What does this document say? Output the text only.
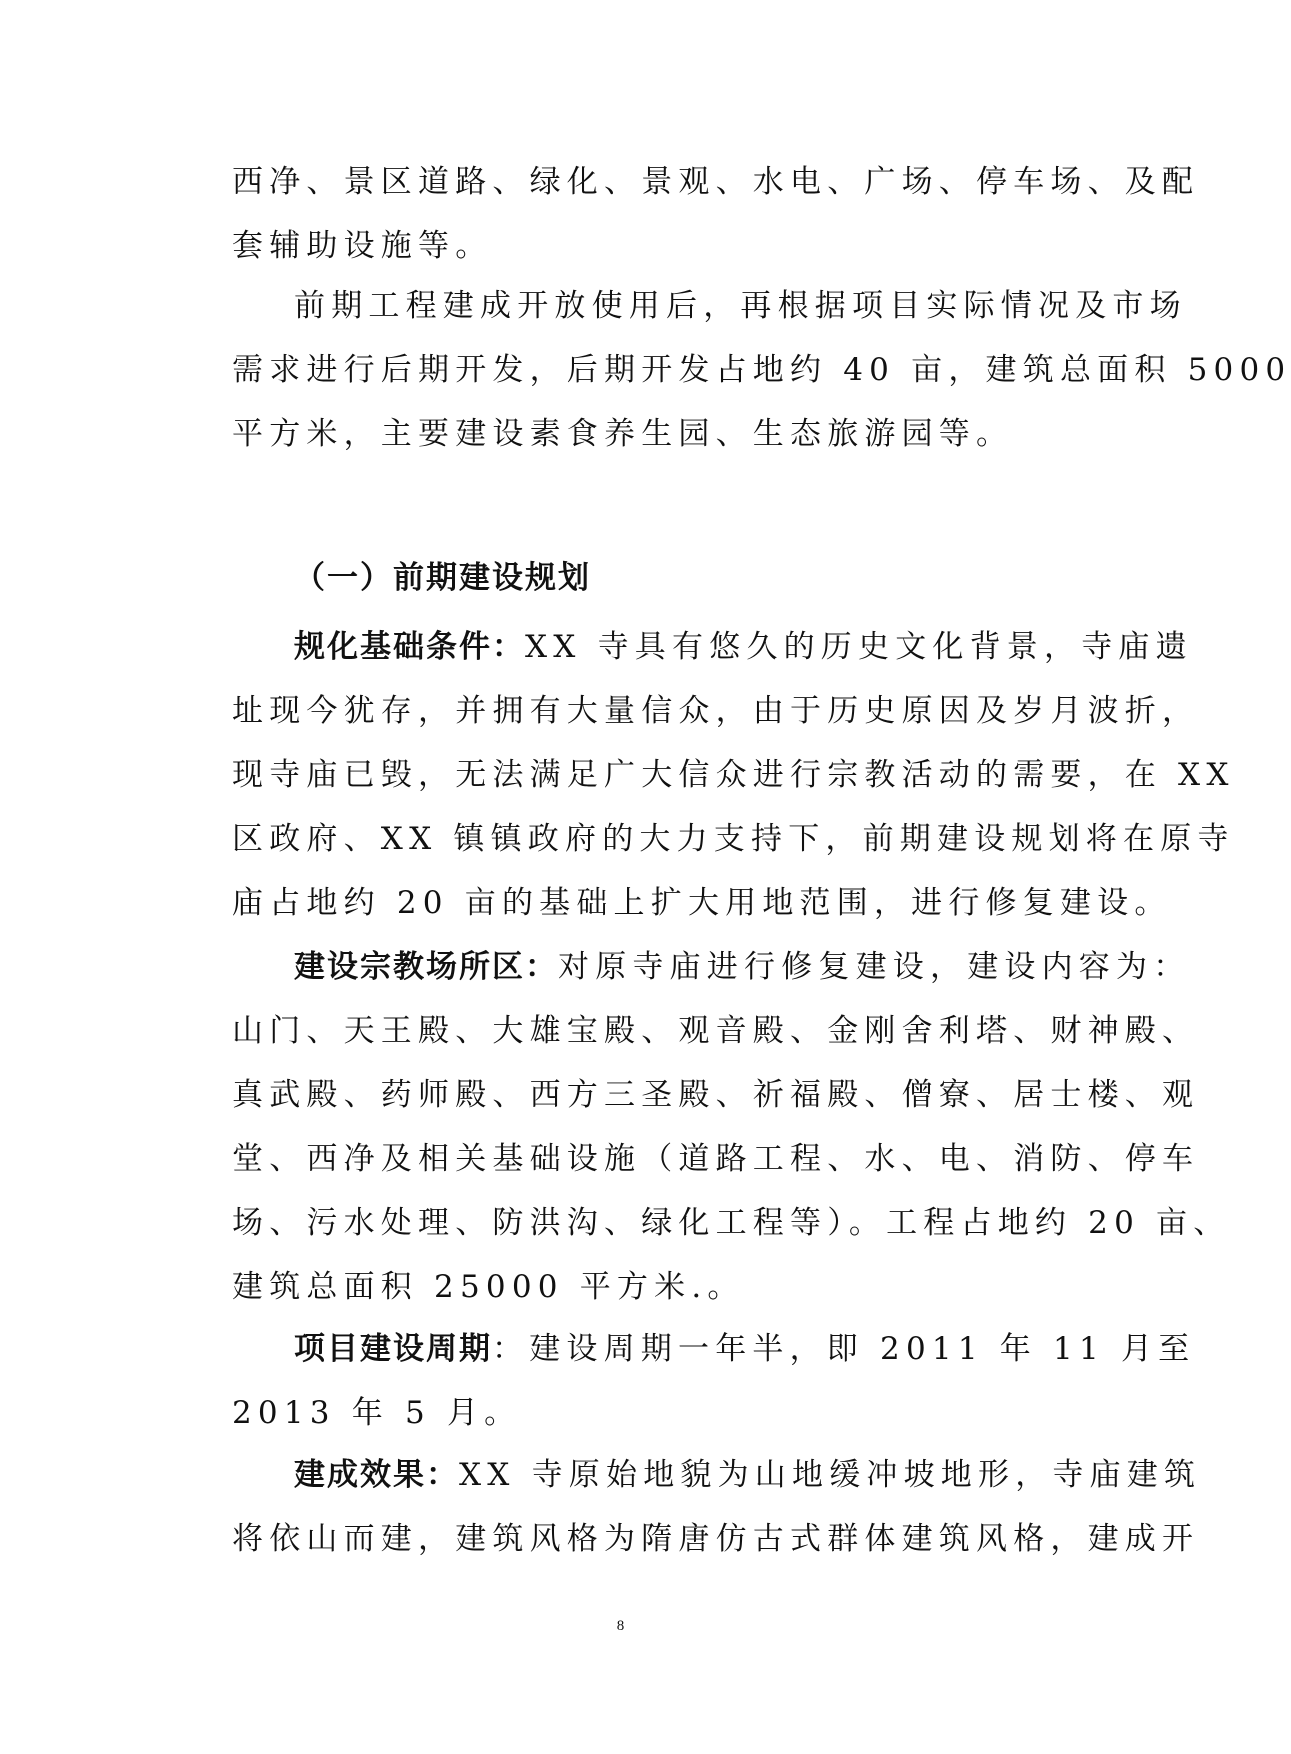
西净、景区道路、绿化、景观、水电、广场、停车场、及配
套辅助设施等。
前期工程建成开放使用后，再根据项目实际情况及市场
需求进行后期开发，后期开发占地约 40 亩，建筑总面积 5000
平方米，主要建设素食养生园、生态旅游园等。
（一）前期建设规划
规化基础条件：XX 寺具有悠久的历史文化背景，寺庙遗
址现今犹存，并拥有大量信众，由于历史原因及岁月波折，
现寺庙已毁，无法满足广大信众进行宗教活动的需要，在 XX
区政府、XX 镇镇政府的大力支持下，前期建设规划将在原寺
庙占地约 20 亩的基础上扩大用地范围，进行修复建设。
建设宗教场所区：对原寺庙进行修复建设，建设内容为：
山门、天王殿、大雄宝殿、观音殿、金刚舍利塔、财神殿、
真武殿、药师殿、西方三圣殿、祈福殿、僧寮、居士楼、观
堂、西净及相关基础设施（道路工程、水、电、消防、停车
场、污水处理、防洪沟、绿化工程等）。工程占地约 20 亩、
建筑总面积 25000 平方米.。
项目建设周期：建设周期一年半，即 2011 年 11 月至
2013 年 5 月。
建成效果：XX 寺原始地貌为山地缓冲坡地形，寺庙建筑
将依山而建，建筑风格为隋唐仿古式群体建筑风格，建成开
8
